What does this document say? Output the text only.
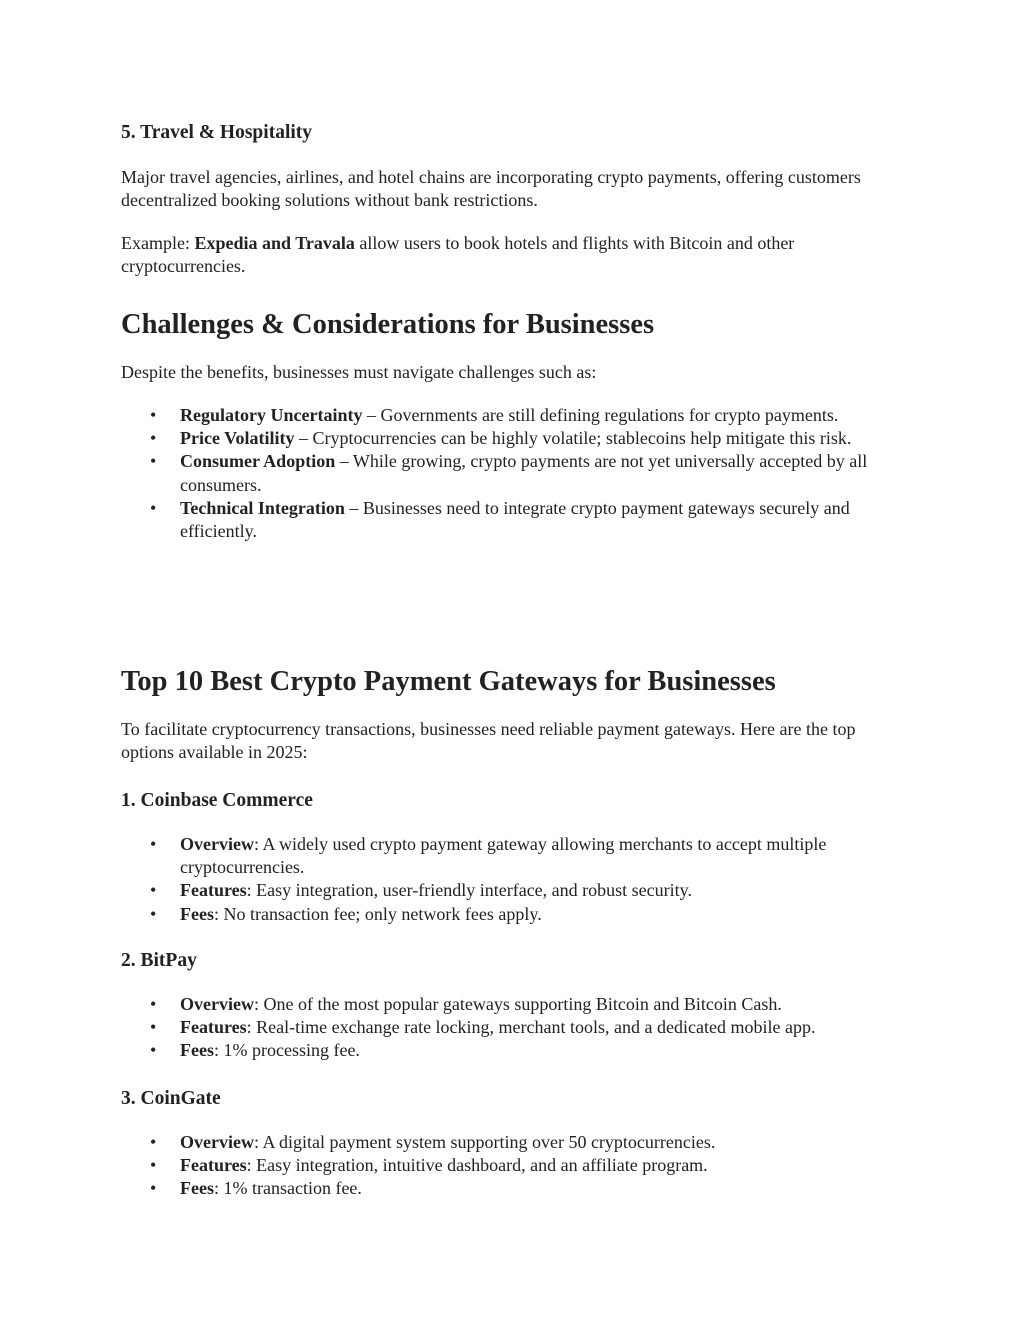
5. Travel & Hospitality

Major travel agencies, airlines, and hotel chains are incorporating crypto payments, offering customers decentralized booking solutions without bank restrictions.

Example: Expedia and Travala allow users to book hotels and flights with Bitcoin and other cryptocurrencies.

Challenges & Considerations for Businesses

Despite the benefits, businesses must navigate challenges such as:

• Regulatory Uncertainty – Governments are still defining regulations for crypto payments.
• Price Volatility – Cryptocurrencies can be highly volatile; stablecoins help mitigate this risk.
• Consumer Adoption – While growing, crypto payments are not yet universally accepted by all consumers.
• Technical Integration – Businesses need to integrate crypto payment gateways securely and efficiently.
Top 10 Best Crypto Payment Gateways for Businesses

To facilitate cryptocurrency transactions, businesses need reliable payment gateways. Here are the top options available in 2025:

1. Coinbase Commerce
• Overview: A widely used crypto payment gateway allowing merchants to accept multiple cryptocurrencies.
• Features: Easy integration, user-friendly interface, and robust security.
• Fees: No transaction fee; only network fees apply.
2. BitPay
• Overview: One of the most popular gateways supporting Bitcoin and Bitcoin Cash.
• Features: Real-time exchange rate locking, merchant tools, and a dedicated mobile app.
• Fees: 1% processing fee.
3. CoinGate
• Overview: A digital payment system supporting over 50 cryptocurrencies.
• Features: Easy integration, intuitive dashboard, and an affiliate program.
• Fees: 1% transaction fee.
